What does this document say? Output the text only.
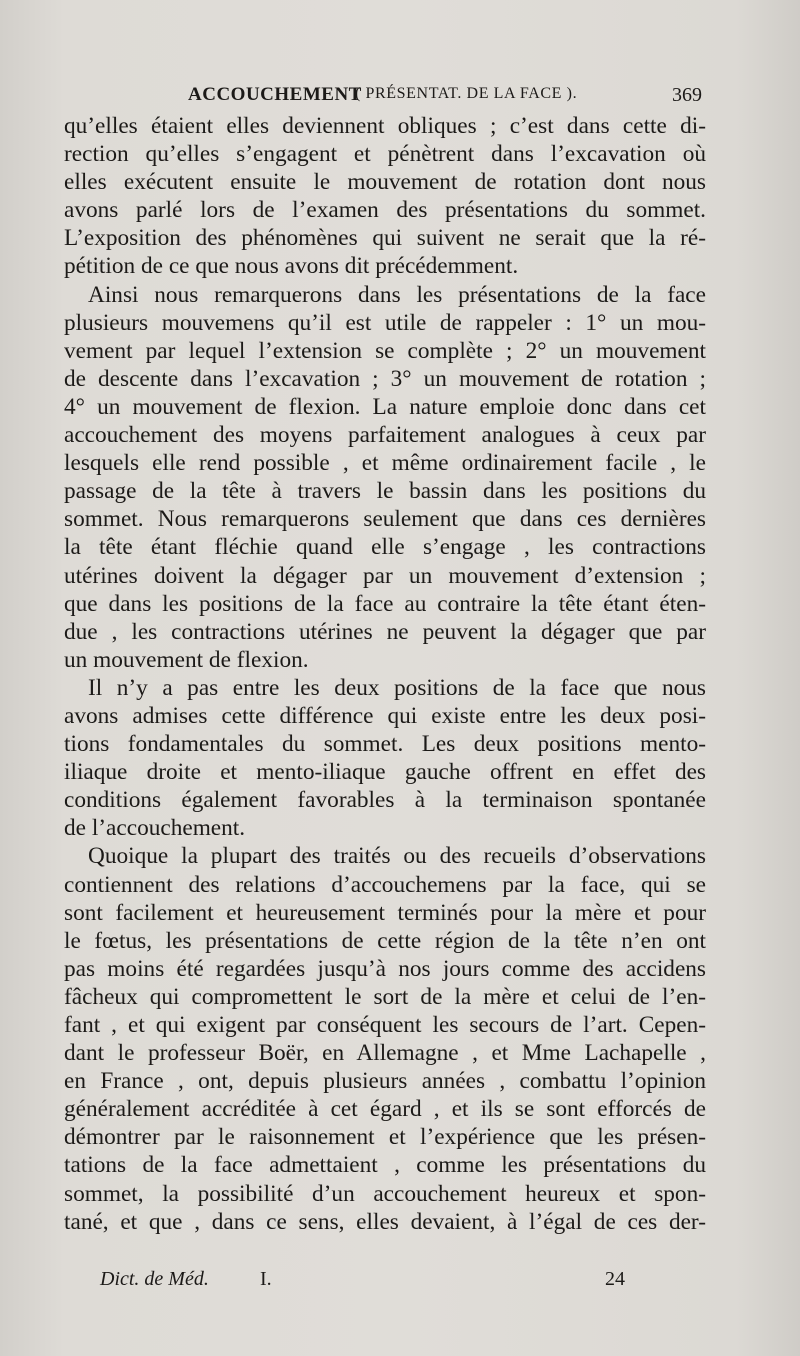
ACCOUCHEMENT
( PRÉSENTAT. DE LA FACE ).	369
qu’elles étaient elles deviennent obliques ; c’est dans cette di-
rection qu’elles s’engagent et pénètrent dans l’excavation où
elles exécutent ensuite le mouvement de rotation dont nous
avons parlé lors de l’examen des présentations du sommet.
L’exposition des phénomènes qui suivent ne serait que la ré-
pétition de ce que nous avons dit précédemment.
Ainsi nous remarquerons dans les présentations de la face
plusieurs mouvemens qu’il est utile de rappeler : 1° un mou-
vement par lequel l’extension se complète ; 2° un mouvement
de descente dans l’excavation ; 3° un mouvement de rotation ;
4° un mouvement de flexion. La nature emploie donc dans cet
accouchement des moyens parfaitement analogues à ceux par
lesquels elle rend possible , et même ordinairement facile , le
passage de la tête à travers le bassin dans les positions du
sommet. Nous remarquerons seulement que dans ces dernières
la tête étant fléchie quand elle s’engage , les contractions
utérines doivent la dégager par un mouvement d’extension ;
que dans les positions de la face au contraire la tête étant éten-
due , les contractions utérines ne peuvent la dégager que par
un mouvement de flexion.
Il n’y a pas entre les deux positions de la face que nous
avons admises cette différence qui existe entre les deux posi-
tions fondamentales du sommet. Les deux positions mento-
iliaque droite et mento-iliaque gauche offrent en effet des
conditions également favorables à la terminaison spontanée
de l’accouchement.
Quoique la plupart des traités ou des recueils d’observations
contiennent des relations d’accouchemens par la face, qui se
sont facilement et heureusement terminés pour la mère et pour
le fœtus, les présentations de cette région de la tête n’en ont
pas moins été regardées jusqu’à nos jours comme des accidens
fâcheux qui compromettent le sort de la mère et celui de l’en-
fant , et qui exigent par conséquent les secours de l’art. Cepen-
dant le professeur Boër, en Allemagne , et Mme Lachapelle ,
en France , ont, depuis plusieurs années , combattu l’opinion
généralement accréditée à cet égard , et ils se sont efforcés de
démontrer par le raisonnement et l’expérience que les présen-
tations de la face admettaient , comme les présentations du
sommet, la possibilité d’un accouchement heureux et spon-
tané, et que , dans ce sens, elles devaient, à l’égal de ces der-
Dict. de Méd.	I.	24
